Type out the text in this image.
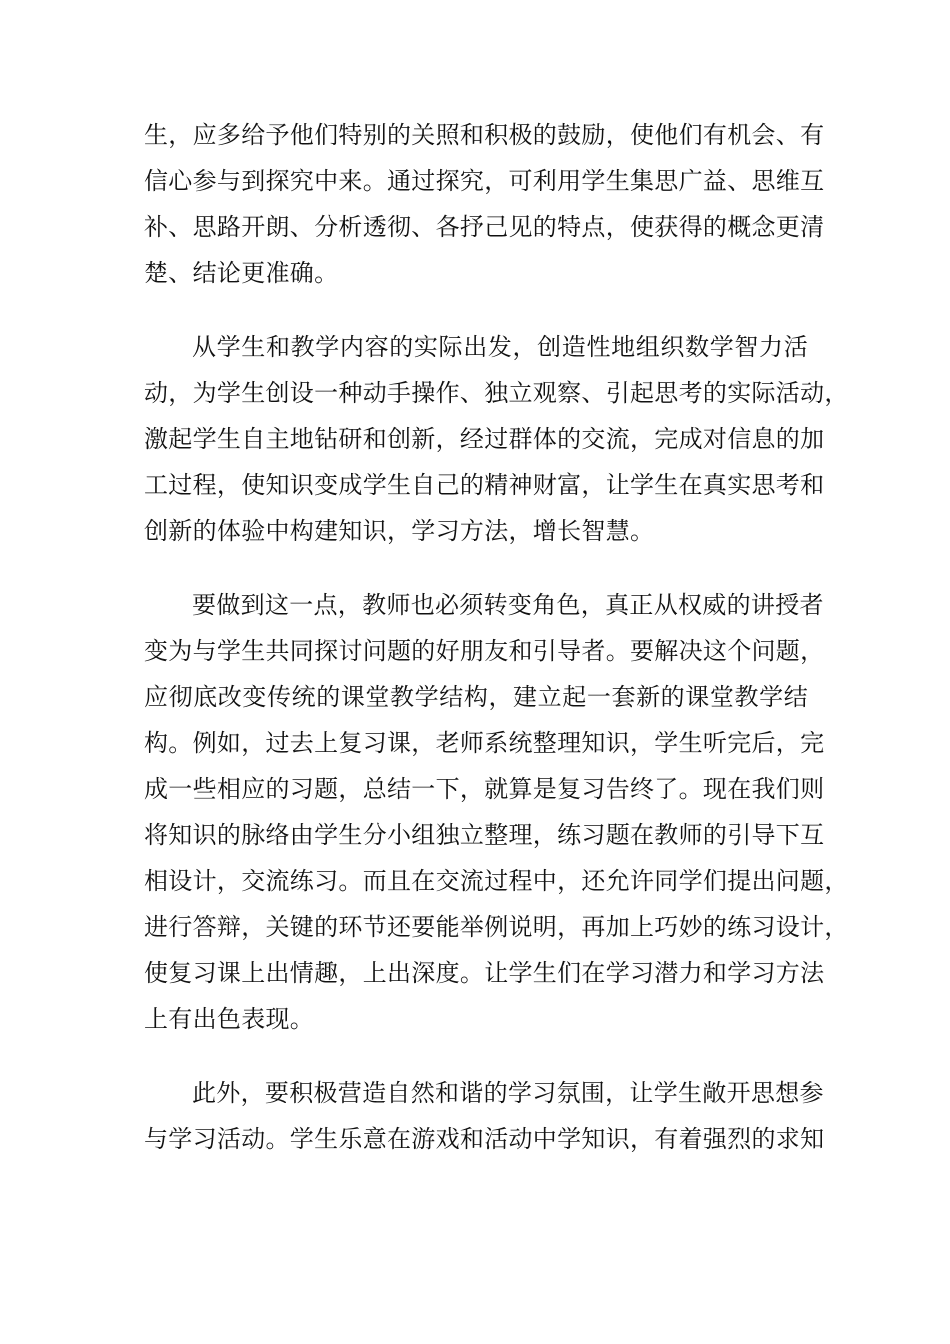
生，应多给予他们特别的关照和积极的鼓励，使他们有机会、有
信心参与到探究中来。通过探究，可利用学生集思广益、思维互
补、思路开朗、分析透彻、各抒己见的特点，使获得的概念更清
楚、结论更准确。
从学生和教学内容的实际出发，创造性地组织数学智力活
动，为学生创设一种动手操作、独立观察、引起思考的实际活动，
激起学生自主地钻研和创新，经过群体的交流，完成对信息的加
工过程，使知识变成学生自己的精神财富，让学生在真实思考和
创新的体验中构建知识，学习方法，增长智慧。
要做到这一点，教师也必须转变角色，真正从权威的讲授者
变为与学生共同探讨问题的好朋友和引导者。要解决这个问题，
应彻底改变传统的课堂教学结构，建立起一套新的课堂教学结
构。例如，过去上复习课，老师系统整理知识，学生听完后，完
成一些相应的习题，总结一下，就算是复习告终了。现在我们则
将知识的脉络由学生分小组独立整理，练习题在教师的引导下互
相设计，交流练习。而且在交流过程中，还允许同学们提出问题，
进行答辩，关键的环节还要能举例说明，再加上巧妙的练习设计，
使复习课上出情趣，上出深度。让学生们在学习潜力和学习方法
上有出色表现。
此外，要积极营造自然和谐的学习氛围，让学生敞开思想参
与学习活动。学生乐意在游戏和活动中学知识，有着强烈的求知
